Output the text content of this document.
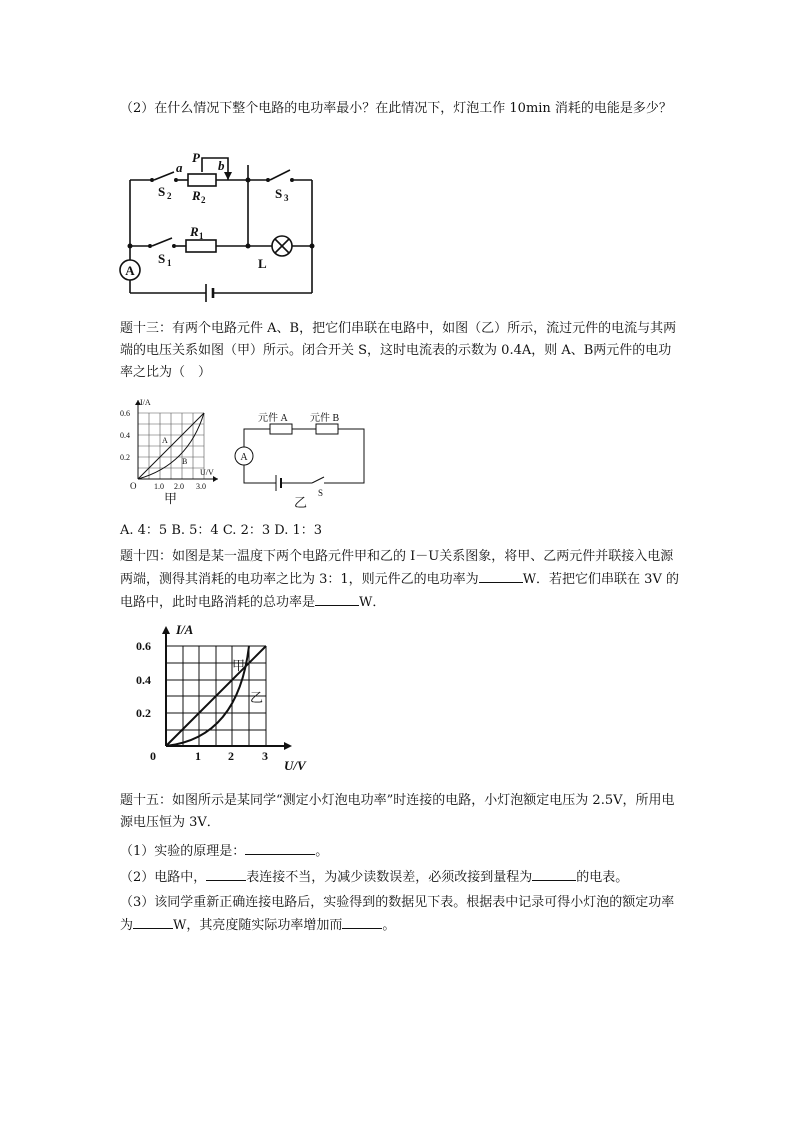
（2）在什么情况下整个电路的电功率最小？在此情况下，灯泡工作 10min 消耗的电能是多少？
A
a
P
b
S 2 R 2	S 3
R 1
S 1	L
题十三：有两个电路元件 A、B，把它们串联在电路中，如图（乙）所示，流过元件的电流与其两端的电压关系如图（甲）所示。闭合开关 S，这时电流表的示数为 0.4A，则 A、B两元件的电功率之比为（　）
I/A
U/V
0.6
0.4
0.2
1.0 2.0 3.0
O
A
B
甲
A
元件 A 元件 B
S
乙
A. 4：5 B. 5：4 C. 2：3 D. 1：3
题十四：如图是某一温度下两个电路元件甲和乙的 I－U关系图象，将甲、乙两元件并联接入电源两端，测得其消耗的电功率之比为 3：1，则元件乙的电功率为	W．若把它们串联在 3V 的电路中，此时电路消耗的总功率是	W．
I/A
U/V
0.6
0.4
0.2
0	1 2 3
甲
乙
题十五：如图所示是某同学“测定小灯泡电功率”时连接的电路，小灯泡额定电压为 2.5V，所用电源电压恒为 3V．
（1）实验的原理是：	。
（2）电路中，	表连接不当，为减少读数误差，必须改接到量程为	的电表。
（3）该同学重新正确连接电路后，实验得到的数据见下表。根据表中记录可得小灯泡的额定功率为	W，其亮度随实际功率增加而	。
